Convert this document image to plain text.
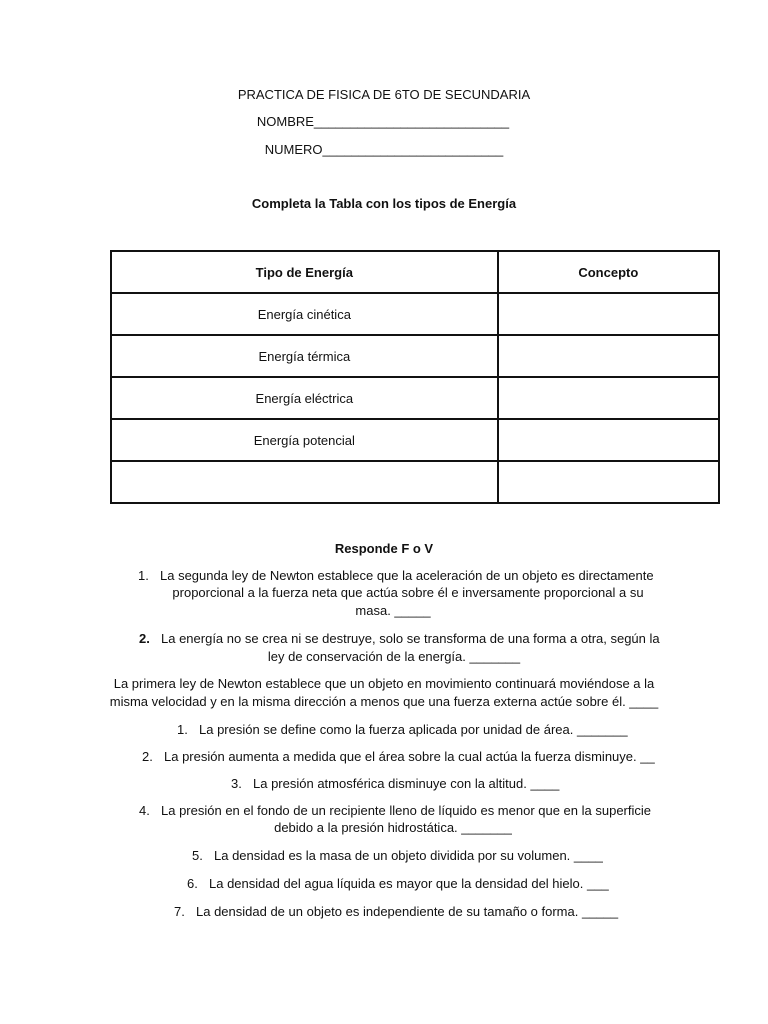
PRACTICA DE FISICA DE 6TO DE SECUNDARIA
NOMBRE___________________________
NUMERO_________________________
Completa la Tabla con los tipos de Energía
Tipo de Energía	Concepto
Energía cinética	
Energía térmica	
Energía eléctrica	
Energía potencial	

Responde F o V
1. La segunda ley de Newton establece que la aceleración de un objeto es directamente
proporcional a la fuerza neta que actúa sobre él e inversamente proporcional a su
masa. _____
2. La energía no se crea ni se destruye, solo se transforma de una forma a otra, según la
ley de conservación de la energía. _______
La primera ley de Newton establece que un objeto en movimiento continuará moviéndose a la
misma velocidad y en la misma dirección a menos que una fuerza externa actúe sobre él. ____
1. La presión se define como la fuerza aplicada por unidad de área. _______
2. La presión aumenta a medida que el área sobre la cual actúa la fuerza disminuye. __
3. La presión atmosférica disminuye con la altitud. ____
4. La presión en el fondo de un recipiente lleno de líquido es menor que en la superficie
debido a la presión hidrostática. _______
5. La densidad es la masa de un objeto dividida por su volumen. ____
6. La densidad del agua líquida es mayor que la densidad del hielo. ___
7. La densidad de un objeto es independiente de su tamaño o forma. _____
